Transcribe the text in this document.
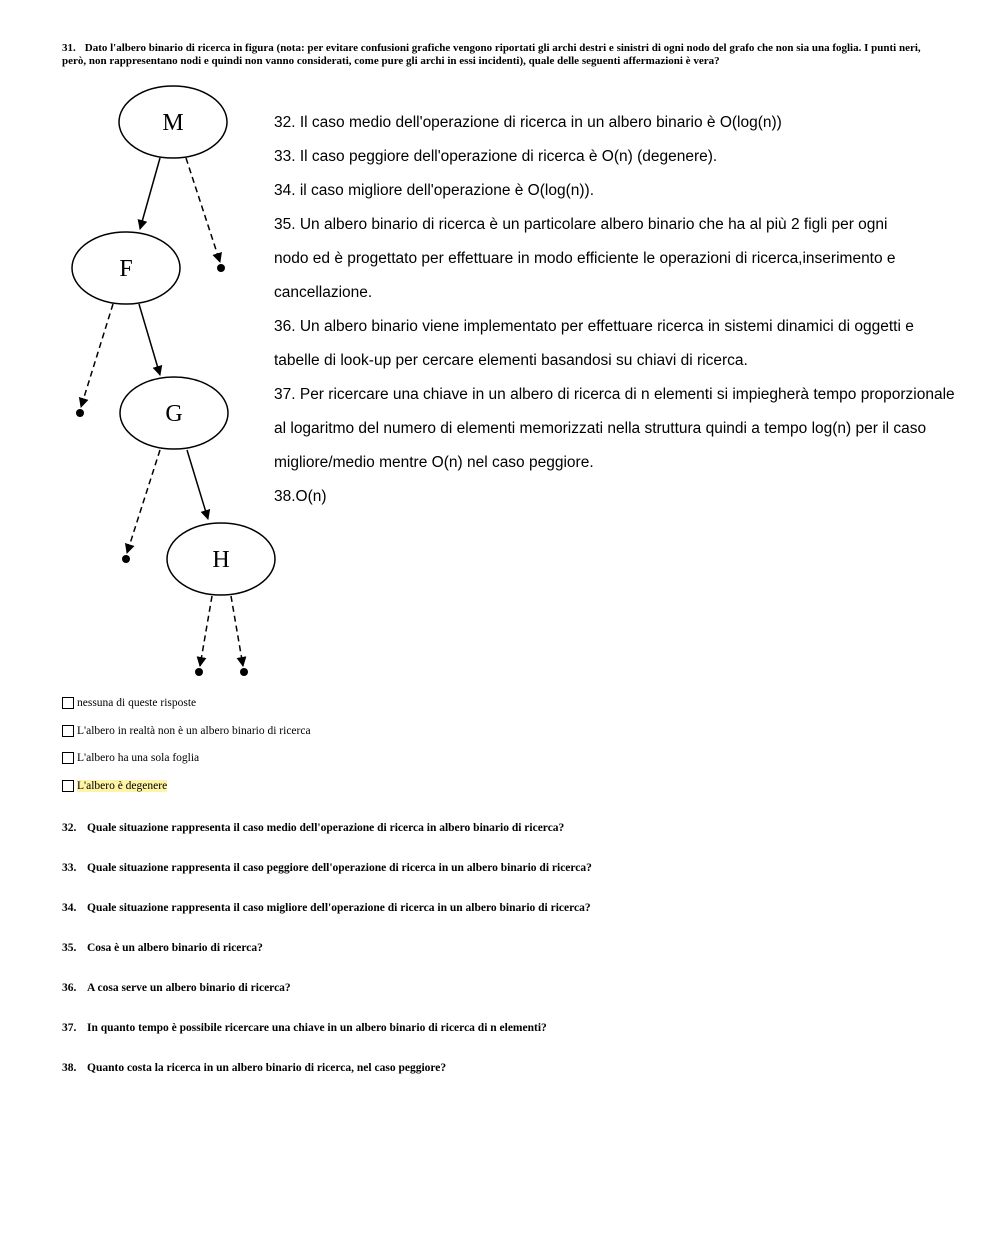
31. Dato l'albero binario di ricerca in figura (nota: per evitare confusioni grafiche vengono riportati gli archi destri e sinistri di ogni nodo del grafo che non sia una foglia. I punti neri, però, non rappresentano nodi e quindi non vanno considerati, come pure gli archi in essi incidenti), quale delle seguenti affermazioni è vera?
M
F
G
H

32. Il caso medio dell'operazione di ricerca in un albero binario è O(log(n))

33. Il caso peggiore dell'operazione di ricerca è O(n) (degenere).

34. il caso migliore dell'operazione è O(log(n)).

35. Un albero binario di ricerca è un particolare albero binario che ha al più 2 figli per ogni

nodo ed è progettato per effettuare in modo efficiente le operazioni di ricerca,inserimento e

cancellazione.

36. Un albero binario viene implementato per effettuare ricerca in sistemi dinamici di oggetti e

tabelle di look-up per cercare elementi basandosi su chiavi di ricerca.

37. Per ricercare una chiave in un albero di ricerca di n elementi si impiegherà tempo proporzionale

al logaritmo del numero di elementi memorizzati nella struttura quindi a tempo log(n) per il caso

migliore/medio mentre O(n) nel caso peggiore.

38.O(n)

nessuna di queste risposte
L'albero in realtà non è un albero binario di ricerca
L'albero ha una sola foglia
L'albero è degenere
32. Quale situazione rappresenta il caso medio dell'operazione di ricerca in albero binario di ricerca?
33. Quale situazione rappresenta il caso peggiore dell'operazione di ricerca in un albero binario di ricerca?
34. Quale situazione rappresenta il caso migliore dell'operazione di ricerca in un albero binario di ricerca?
35. Cosa è un albero binario di ricerca?
36. A cosa serve un albero binario di ricerca?
37. In quanto tempo è possibile ricercare una chiave in un albero binario di ricerca di n elementi?
38. Quanto costa la ricerca in un albero binario di ricerca, nel caso peggiore?
